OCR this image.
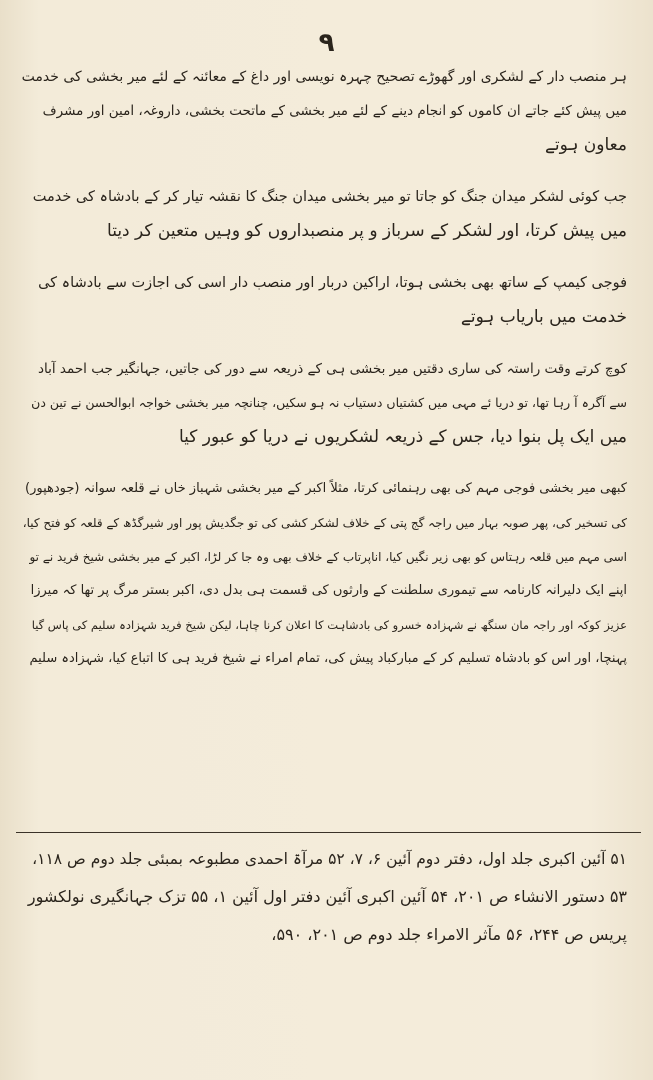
۹
ہر منصب دار کے لشکری اور گھوڑے تصحیح چہرہ نویسی اور داغ کے معائنہ کے لئے میر بخشی کی خدمت
میں پیش کئے جاتے ان کاموں کو انجام دینے کے لئے میر بخشی کے ماتحت بخشی، داروغہ، امین اور مشرف
معاون ہوتے
جب کوئی لشکر میدان جنگ کو جاتا تو میر بخشی میدان جنگ کا نقشہ تیار کر کے بادشاہ کی خدمت
میں پیش کرتا، اور لشکر کے سرباز و پر منصبداروں کو وہیں متعین کر دیتا
فوجی کیمپ کے ساتھ بھی بخشی ہوتا، اراکین دربار اور منصب دار اسی کی اجازت سے بادشاہ کی
خدمت میں باریاب ہوتے
کوچ کرتے وقت راستہ کی ساری دقتیں میر بخشی ہی کے ذریعہ سے دور کی جاتیں، جہانگیر جب احمد آباد
سے آگرہ آ رہا تھا، تو دریا ئے مہی میں کشتیاں دستیاب نہ ہو سکیں، چنانچہ میر بخشی خواجہ ابوالحسن نے تین دن
میں ایک پل بنوا دیا، جس کے ذریعہ لشکریوں نے دریا کو عبور کیا
کبھی میر بخشی فوجی مہم کی بھی رہنمائی کرتا، مثلاً اکبر کے میر بخشی شہباز خاں نے قلعہ سوانہ (جودھپور)
کی تسخیر کی، پھر صوبہ بہار میں راجہ گج پتی کے خلاف لشکر کشی کی تو جگدیش پور اور شیرگڈھ کے قلعہ کو فتح کیا،
اسی مہم میں قلعہ رہتاس کو بھی زیر نگیں کیا، اناپرتاب کے خلاف بھی وہ جا کر لڑا، اکبر کے میر بخشی شیخ فرید نے تو
اپنے ایک دلیرانہ کارنامہ سے تیموری سلطنت کے وارثوں کی قسمت ہی بدل دی، اکبر بستر مرگ پر تھا کہ میرزا
عزیز کوکہ اور راجہ مان سنگھ نے شہزادہ خسرو کی بادشاہت کا اعلان کرنا چاہا، لیکن شیخ فرید شہزادہ سلیم کی پاس گیا
پہنچا، اور اس کو بادشاہ تسلیم کر کے مبارکباد پیش کی، تمام امراء نے شیخ فرید ہی کا اتباع کیا، شہزادہ سلیم
۵۱ آئین اکبری جلد اول، دفتر دوم آئین ۶، ۷، ۵۲ مرآۃ احمدی مطبوعہ بمبئی جلد دوم ص ۱۱۸،
۵۳ دستور الانشاء ص ۲۰۱، ۵۴ آئین اکبری آئین دفتر اول آئین ۱، ۵۵ تزک جہانگیری نولکشور
پریس ص ۲۴۴، ۵۶ مآثر الامراء جلد دوم ص ۲۰۱، ۵۹۰،
